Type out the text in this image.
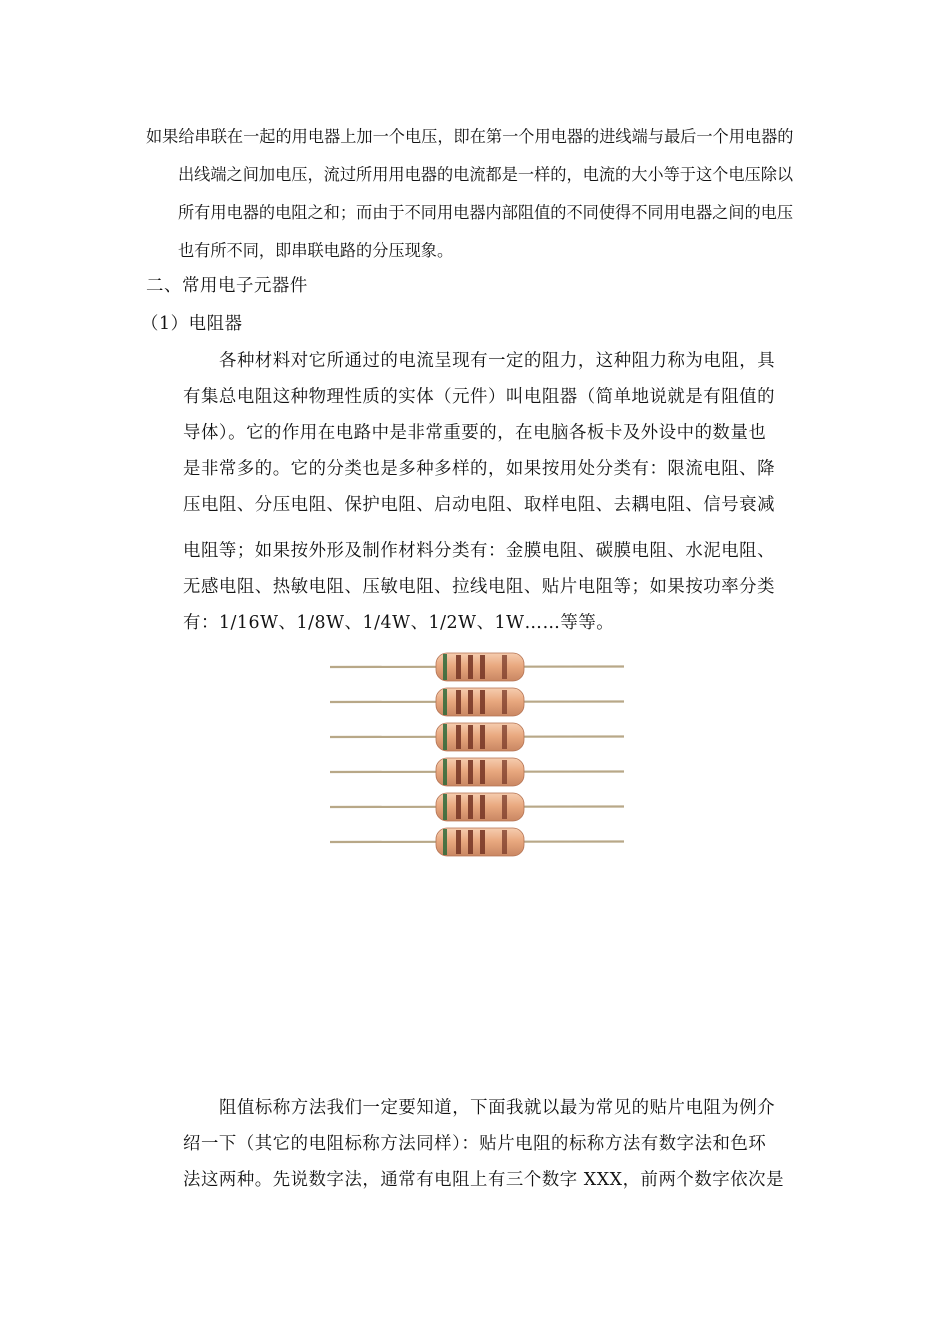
如果给串联在一起的用电器上加一个电压，即在第一个用电器的进线端与最后一个用电器的
出线端之间加电压，流过所用用电器的电流都是一样的，电流的大小等于这个电压除以
所有用电器的电阻之和；而由于不同用电器内部阻值的不同使得不同用电器之间的电压
也有所不同，即串联电路的分压现象。
二、常用电子元器件
（1）电阻器
各种材料对它所通过的电流呈现有一定的阻力，这种阻力称为电阻，具
有集总电阻这种物理性质的实体（元件）叫电阻器（简单地说就是有阻值的
导体）。它的作用在电路中是非常重要的，在电脑各板卡及外设中的数量也
是非常多的。它的分类也是多种多样的，如果按用处分类有：限流电阻、降
压电阻、分压电阻、保护电阻、启动电阻、取样电阻、去耦电阻、信号衰减
电阻等；如果按外形及制作材料分类有：金膜电阻、碳膜电阻、水泥电阻、
无感电阻、热敏电阻、压敏电阻、拉线电阻、贴片电阻等；如果按功率分类
有：1/16W、1/8W、1/4W、1/2W、1W……等等。
阻值标称方法我们一定要知道，下面我就以最为常见的贴片电阻为例介
绍一下（其它的电阻标称方法同样）：贴片电阻的标称方法有数字法和色环
法这两种。先说数字法，通常有电阻上有三个数字 XXX，前两个数字依次是
